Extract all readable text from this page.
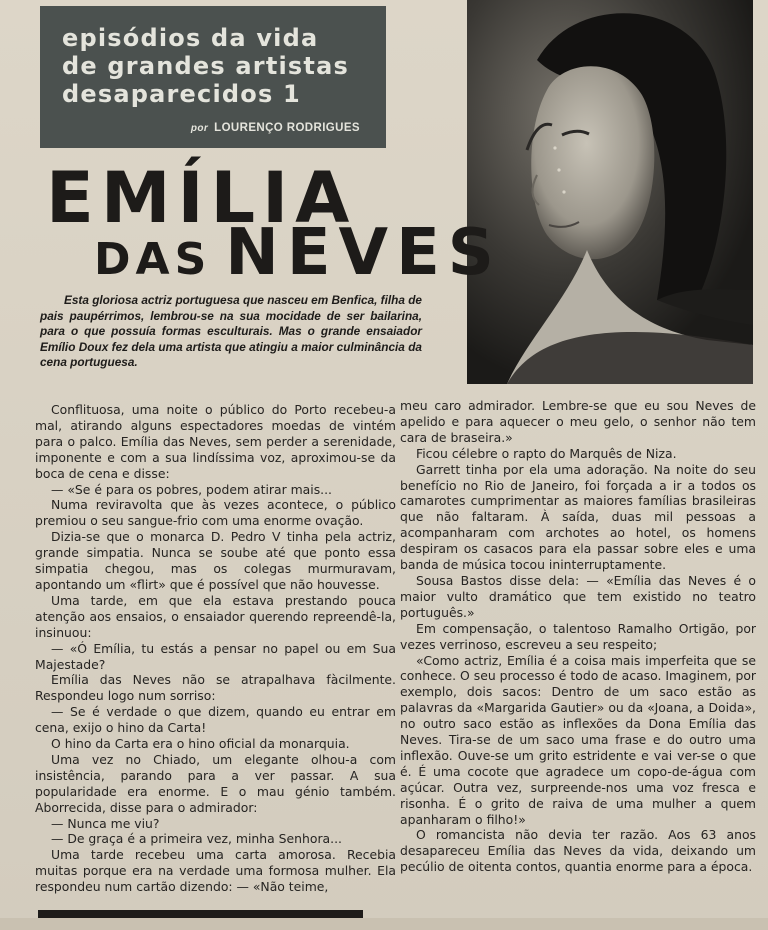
episódios da vida
de grandes artistas
desaparecidos 1
por LOURENÇO RODRIGUES
EMÍLIA
DAS NEVES

Esta gloriosa actriz portuguesa que nasceu em Benfica, filha de pais paupérrimos, lembrou-se na sua mocidade de ser bailarina, para o que possuía formas esculturais. Mas o grande ensaiador Emílio Doux fez dela uma artista que atingiu a maior culminância da cena portuguesa.

Conflituosa, uma noite o público do Porto recebeu-a mal, atirando alguns espectadores moedas de vintém para o palco. Emília das Neves, sem perder a serenidade, imponente e com a sua lindíssima voz, aproximou-se da boca de cena e disse:

— «Se é para os pobres, podem atirar mais...

Numa reviravolta que às vezes acontece, o público premiou o seu sangue-frio com uma enorme ovação.

Dizia-se que o monarca D. Pedro V tinha pela actriz, grande simpatia. Nunca se soube até que ponto essa simpatia chegou, mas os colegas murmuravam, apontando um «flirt» que é possível que não houvesse.

Uma tarde, em que ela estava prestando pouca atenção aos ensaios, o ensaiador querendo repreendê-la, insinuou:

— «Ó Emília, tu estás a pensar no papel ou em Sua Majestade?

Emília das Neves não se atrapalhava fàcilmente. Respondeu logo num sorriso:

— Se é verdade o que dizem, quando eu entrar em cena, exijo o hino da Carta!

O hino da Carta era o hino oficial da monarquia.

Uma vez no Chiado, um elegante olhou-a com insistência, parando para a ver passar. A sua popularidade era enorme. E o mau génio também. Aborrecida, disse para o admirador:

— Nunca me viu?

— De graça é a primeira vez, minha Senhora...

Uma tarde recebeu uma carta amorosa. Recebia muitas porque era na verdade uma formosa mulher. Ela respondeu num cartão dizendo: — «Não teime,

meu caro admirador. Lembre-se que eu sou Neves de apelido e para aquecer o meu gelo, o senhor não tem cara de braseira.»

Ficou célebre o rapto do Marquês de Niza.

Garrett tinha por ela uma adoração. Na noite do seu benefício no Rio de Janeiro, foi forçada a ir a todos os camarotes cumprimentar as maiores famílias brasileiras que não faltaram. À saída, duas mil pessoas a acompanharam com archotes ao hotel, os homens despiram os casacos para ela passar sobre eles e uma banda de música tocou ininterruptamente.

Sousa Bastos disse dela: — «Emília das Neves é o maior vulto dramático que tem existido no teatro português.»

Em compensação, o talentoso Ramalho Ortigão, por vezes verrinoso, escreveu a seu respeito;

«Como actriz, Emília é a coisa mais imperfeita que se conhece. O seu processo é todo de acaso. Imaginem, por exemplo, dois sacos: Dentro de um saco estão as palavras da «Margarida Gautier» ou da «Joana, a Doida», no outro saco estão as inflexões da Dona Emília das Neves. Tira-se de um saco uma frase e do outro uma inflexão. Ouve-se um grito estridente e vai ver-se o que é. É uma cocote que agradece um copo-de-água com açúcar. Outra vez, surpreende-nos uma voz fresca e risonha. É o grito de raiva de uma mulher a quem apanharam o filho!»

O romancista não devia ter razão. Aos 63 anos desapareceu Emília das Neves da vida, deixando um pecúlio de oitenta contos, quantia enorme para a época.
